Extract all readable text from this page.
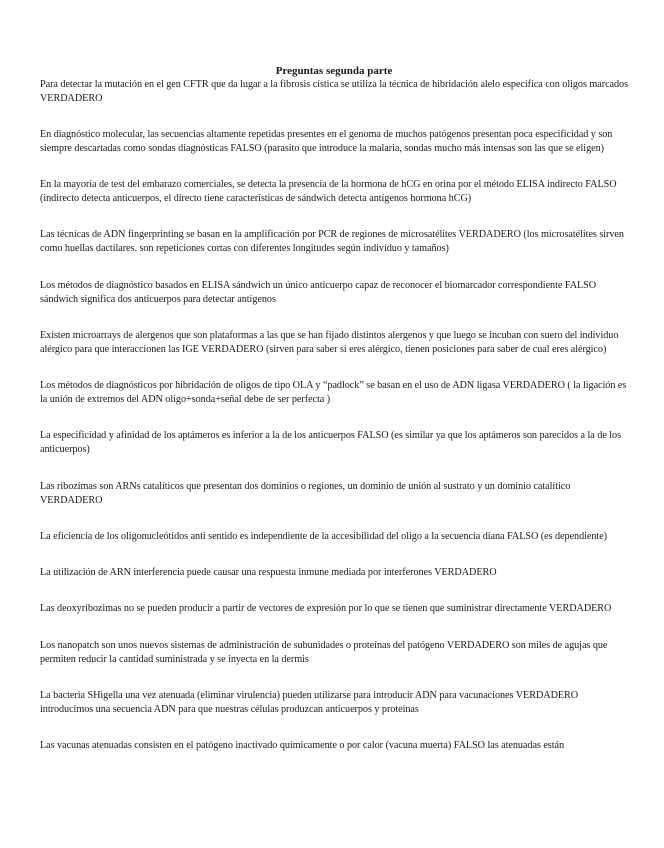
Preguntas segunda parte

Para detectar la mutación en el gen CFTR que da lugar a la fibrosis cística se utiliza la técnica de hibridación alelo específica con oligos marcados VERDADERO

En diagnóstico molecular, las secuencias altamente repetidas presentes en el genoma de muchos patógenos presentan poca especificidad y son siempre descartadas como sondas diagnósticas FALSO (parasito que introduce la malaria, sondas mucho más intensas son las que se eligen)

En la mayoría de test del embarazo comerciales, se detecta la presencia de la hormona de hCG en orina por el método ELISA indirecto FALSO (indirecto detecta anticuerpos, el directo tiene características de sándwich detecta antígenos hormona hCG)

Las técnicas de ADN fingerprinting se basan en la amplificación por PCR de regiones de microsatélites VERDADERO (los microsatélites sirven como huellas dactilares. son repeticiones cortas con diferentes longitudes según individuo y tamaños)

Los métodos de diagnóstico basados en ELISA sándwich un único anticuerpo capaz de reconocer el biomarcador correspondiente FALSO sándwich significa dos anticuerpos para detectar antígenos

Existen microarrays de alergenos que son plataformas a las que se han fijado distintos alergenos y que luego se incuban con suero del individuo alérgico para que interaccionen las IGE VERDADERO (sirven para saber si eres alérgico, tienen posiciones para saber de cual eres alérgico)

Los métodos de diagnósticos por hibridación de oligos de tipo OLA y “padlock” se basan en el uso de ADN ligasa VERDADERO ( la ligación es la unión de extremos del ADN oligo+sonda+señal debe de ser perfecta )

La especificidad y afinidad de los aptámeros es inferior a la de los anticuerpos FALSO (es similar ya que los aptámeros son parecidos a la de los anticuerpos)

Las ribozimas son ARNs catalíticos que presentan dos dominios o regiones, un dominio de unión al sustrato y un dominio catalítico VERDADERO

La eficiencia de los oligonucleótidos anti sentido es independiente de la accesibilidad del oligo a la secuencia diana FALSO (es dependiente)

La utilización de ARN interferencia puede causar una respuesta inmune mediada por interferones VERDADERO

Las deoxyribozimas no se pueden producir a partir de vectores de expresión por lo que se tienen que suministrar directamente VERDADERO

Los nanopatch son unos nuevos sistemas de administración de subunidades o proteínas del patógeno VERDADERO son miles de agujas que permiten reducir la cantidad suministrada y se inyecta en la dermis

La bacteria SHigella una vez atenuada (eliminar virulencia) pueden utilizarse para introducir ADN para vacunaciones VERDADERO introducimos una secuencia ADN para que nuestras células produzcan anticuerpos y proteínas

Las vacunas atenuadas consisten en el patógeno inactivado químicamente o por calor (vacuna muerta) FALSO las atenuadas están
